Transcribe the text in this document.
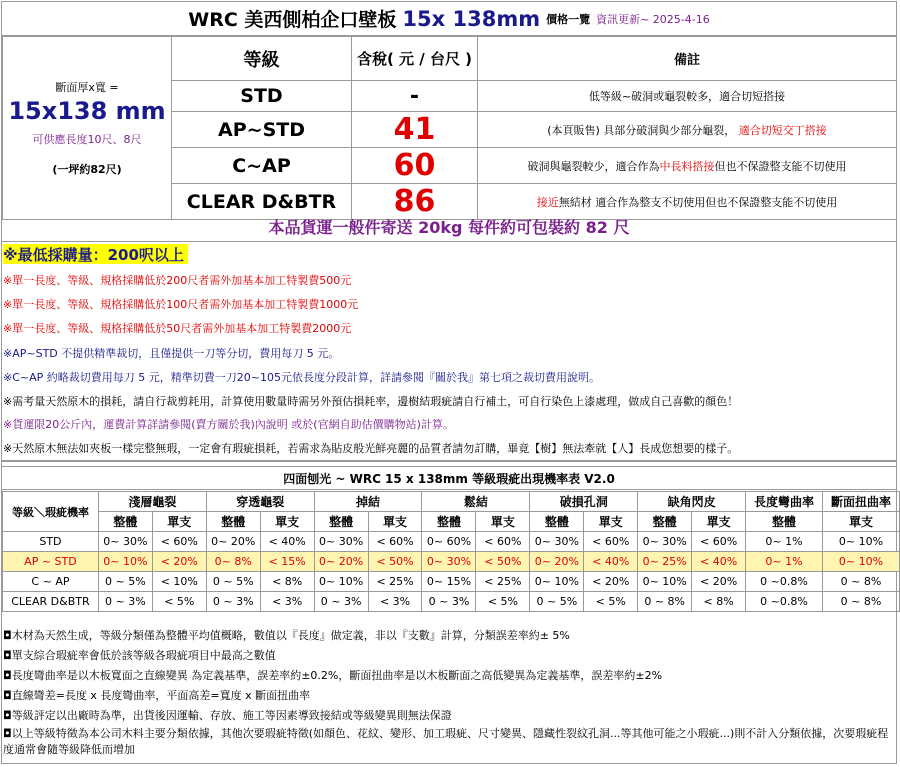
WRC 美西側柏企口壁板 15x 138mm 價格一覽 資訊更新~ 2025-4-16
斷面厚x寬 =
15x138 mm
可供應長度10尺、8尺
(一坪約82尺)	等級	含稅( 元 / 台尺 )	備註
	STD	-	低等級~破洞或龜裂較多，適合切短搭接
	AP~STD	41	(本頁販售) 具部分破洞與少部分龜裂， 適合切短交丁搭接
	C~AP	60	破洞與龜裂較少，適合作為中長料搭接但也不保證整支能不切使用
	CLEAR D&BTR	86	接近無結材 適合作為整支不切使用但也不保證整支能不切使用
本品貨運一般件寄送 20kg 每件約可包裝約 82 尺
※最低採購量：200呎以上
※單一長度、等級、規格採購低於200尺者需外加基本加工特製費500元
※單一長度、等級、規格採購低於100尺者需外加基本加工特製費1000元
※單一長度、等級、規格採購低於50尺者需外加基本加工特製費2000元
※AP~STD 不提供精準裁切，且僅提供一刀等分切，費用每刀 5 元。
※C~AP 約略裁切費用每刀 5 元，精準切費一刀20~105元依長度分段計算，詳請參閱『關於我』第七項之裁切費用說明。
※需考量天然原木的損耗，請自行裁剪耗用，計算使用數量時需另外預估損耗率，邊樹結瑕疵請自行補土，可自行染色上漆處理，做成自己喜歡的顏色！
※貨運限20公斤內，運費計算詳請參閱(賣方關於我)內說明 或於(官網自助估價購物站)計算。
※天然原木無法如夾板一樣完整無瑕，一定會有瑕疵損耗，若需求為貼皮般光鮮亮麗的品質者請勿訂購，畢竟【樹】無法牽就【人】長成您想要的樣子。
四面刨光 ~ WRC 15 x 138mm 等級瑕疵出現機率表 V2.0
等級＼瑕疵機率	淺層龜裂		穿透龜裂		掉結		鬆結		破損孔洞		缺角閃皮		長度彎曲率	斷面扭曲率
	整體	單支	整體	單支	整體	單支	整體	單支	整體	單支	整體	單支	整體	單支
STD	0~ 30%	< 60%	0~ 20%	< 40%	0~ 30%	< 60%	0~ 60%	< 60%	0~ 30%	< 60%	0~ 30%	< 60%	0~ 1%	0~ 10%
AP ~ STD	0~ 10%	< 20%	0~ 8%	< 15%	0~ 20%	< 50%	0~ 30%	< 50%	0~ 20%	< 40%	0~ 25%	< 40%	0~ 1%	0~ 10%
C ~ AP	0 ~ 5%	< 10%	0 ~ 5%	< 8%	0~ 10%	< 25%	0~ 15%	< 25%	0~ 10%	< 20%	0~ 10%	< 20%	0 ~0.8%	0 ~ 8%
CLEAR D&BTR	0 ~ 3%	< 5%	0 ~ 3%	< 3%	0 ~ 3%	< 3%	0 ~ 3%	< 5%	0 ~ 5%	< 5%	0 ~ 8%	< 8%	0 ~0.8%	0 ~ 8%
◘木材為天然生成，等級分類僅為整體平均值概略，數值以『長度』做定義，非以『支數』計算，分類誤差率約± 5%
◘單支綜合瑕疵率會低於該等級各瑕疵項目中最高之數值
◘長度彎曲率是以木板寬面之直線變異 為定義基準，誤差率約±0.2%，斷面扭曲率是以木板斷面之高低變異為定義基準，誤差率約±2%
◘直線彎差=長度 x 長度彎曲率，平面高差=寬度 x 斷面扭曲率
◘等級評定以出廠時為準，出貨後因運輸、存放、施工等因素導致接結或等級變異則無法保證
◘以上等級特徵為本公司木料主要分類依據，其他次要瑕疵特徵(如顏色、花紋、變形、加工瑕疵、尺寸變異、隱藏性裂紋孔洞...等其他可能之小瑕疵...)則不計入分類依據，次要瑕疵程度通常會隨等級降低而增加
